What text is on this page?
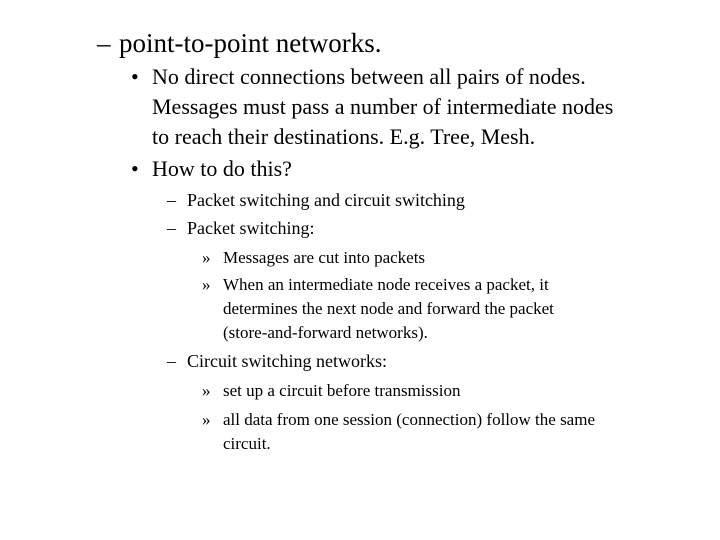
– point-to-point networks.
• No direct connections between all pairs of nodes.
Messages must pass a number of intermediate nodes
to reach their destinations. E.g. Tree, Mesh.
• How to do this?
– Packet switching and circuit switching
– Packet switching:
» Messages are cut into packets
» When an intermediate node receives a packet, it
determines the next node and forward the packet
(store-and-forward networks).
– Circuit switching networks:
» set up a circuit before transmission
» all data from one session (connection) follow the same
circuit.
